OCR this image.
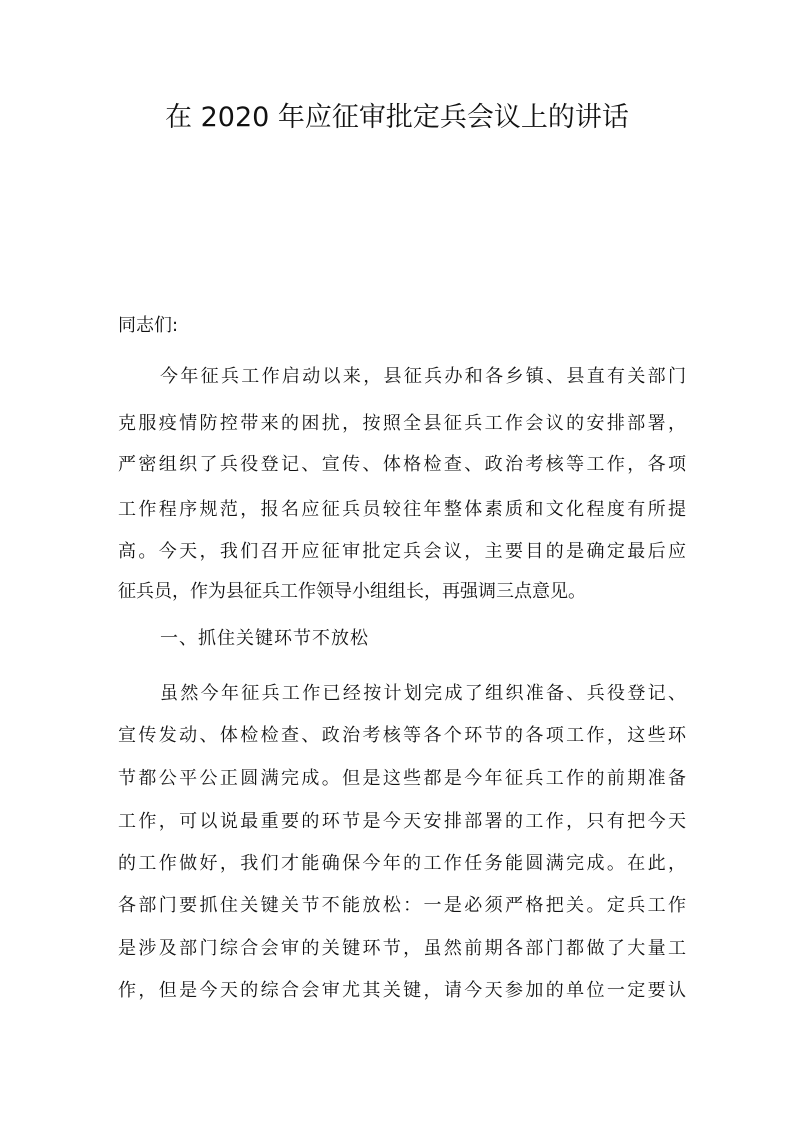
在 2020 年应征审批定兵会议上的讲话
同志们:
今年征兵工作启动以来，县征兵办和各乡镇、县直有关部门
克服疫情防控带来的困扰，按照全县征兵工作会议的安排部署，
严密组织了兵役登记、宣传、体格检查、政治考核等工作，各项
工作程序规范，报名应征兵员较往年整体素质和文化程度有所提
高。今天，我们召开应征审批定兵会议，主要目的是确定最后应
征兵员，作为县征兵工作领导小组组长，再强调三点意见。
一、抓住关键环节不放松
虽然今年征兵工作已经按计划完成了组织准备、兵役登记、
宣传发动、体检检查、政治考核等各个环节的各项工作，这些环
节都公平公正圆满完成。但是这些都是今年征兵工作的前期准备
工作，可以说最重要的环节是今天安排部署的工作，只有把今天
的工作做好，我们才能确保今年的工作任务能圆满完成。在此，
各部门要抓住关键关节不能放松：一是必须严格把关。定兵工作
是涉及部门综合会审的关键环节，虽然前期各部门都做了大量工
作，但是今天的综合会审尤其关键，请今天参加的单位一定要认
